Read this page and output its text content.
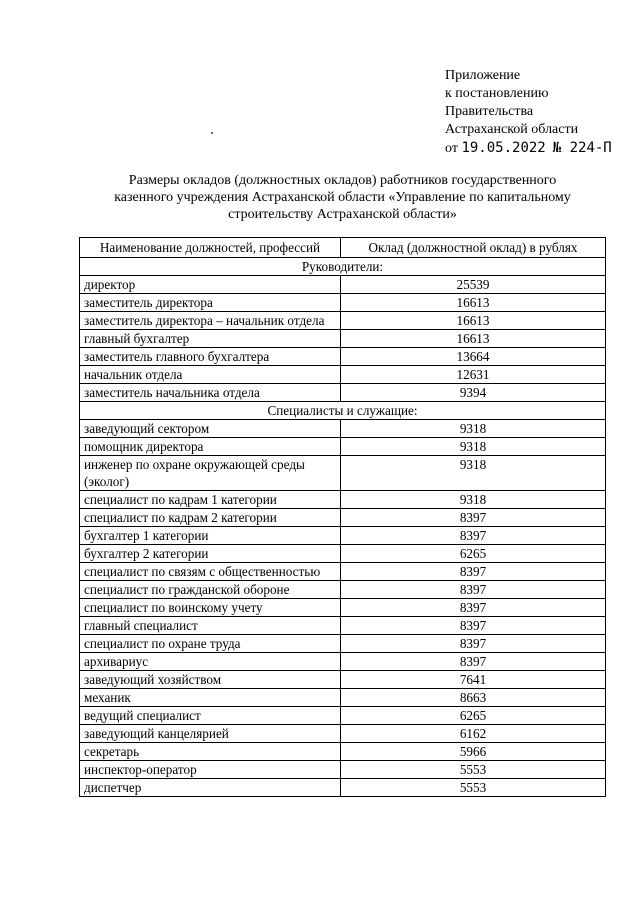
Приложение
к постановлению
Правительства
Астраханской области
от 19.05.2022 № 224-П
Размеры окладов (должностных окладов) работников государственного
казенного учреждения Астраханской области «Управление по капитальному
строительству Астраханской области»
Наименование должностей, профессий	Оклад (должностной оклад) в рублях
Руководители:	
директор	25539
заместитель директора	16613
заместитель директора – начальник отдела	16613
главный бухгалтер	16613
заместитель главного бухгалтера	13664
начальник отдела	12631
заместитель начальника отдела	9394
Специалисты и служащие:	
заведующий сектором	9318
помощник директора	9318
инженер по охране окружающей среды (эколог)	9318
специалист по кадрам 1 категории	9318
специалист по кадрам 2 категории	8397
бухгалтер 1 категории	8397
бухгалтер 2 категории	6265
специалист по связям с общественностью	8397
специалист по гражданской обороне	8397
специалист по воинскому учету	8397
главный специалист	8397
специалист по охране труда	8397
архивариус	8397
заведующий хозяйством	7641
механик	8663
ведущий специалист	6265
заведующий канцелярией	6162
секретарь	5966
инспектор-оператор	5553
диспетчер	5553
